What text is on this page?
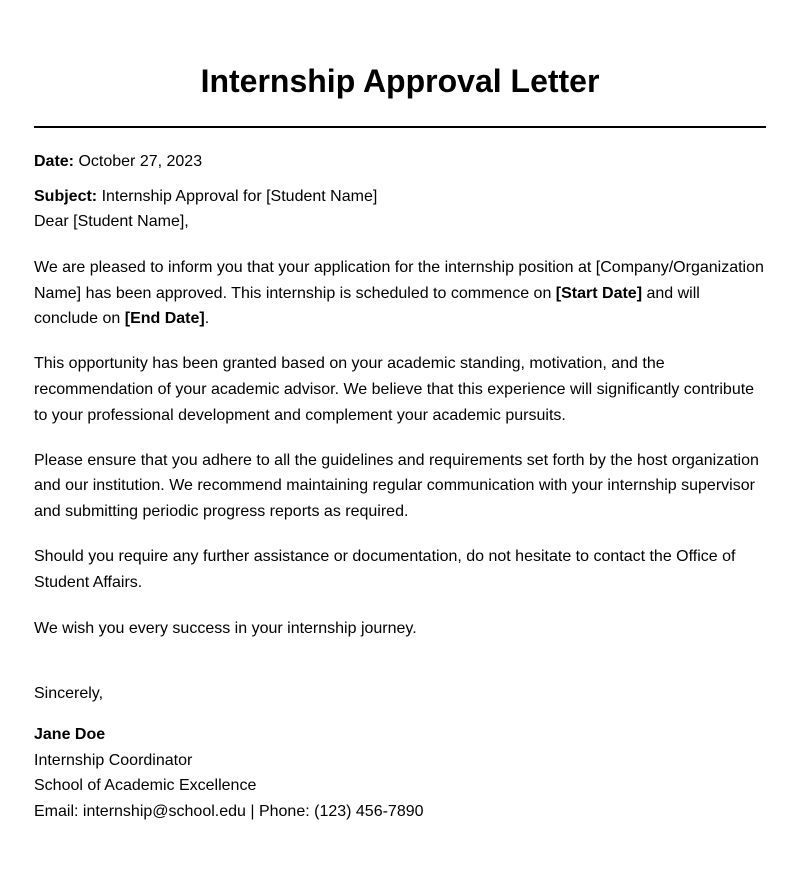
Internship Approval Letter

Date: October 27, 2023

Subject: Internship Approval for [Student Name]

Dear [Student Name],

We are pleased to inform you that your application for the internship position at [Company/Organization Name] has been approved. This internship is scheduled to commence on [Start Date] and will conclude on [End Date].

This opportunity has been granted based on your academic standing, motivation, and the recommendation of your academic advisor. We believe that this experience will significantly contribute to your professional development and complement your academic pursuits.

Please ensure that you adhere to all the guidelines and requirements set forth by the host organization and our institution. We recommend maintaining regular communication with your internship supervisor and submitting periodic progress reports as required.

Should you require any further assistance or documentation, do not hesitate to contact the Office of Student Affairs.

We wish you every success in your internship journey.

Sincerely,

Jane Doe
Internship Coordinator
School of Academic Excellence
Email: internship@school.edu | Phone: (123) 456-7890
